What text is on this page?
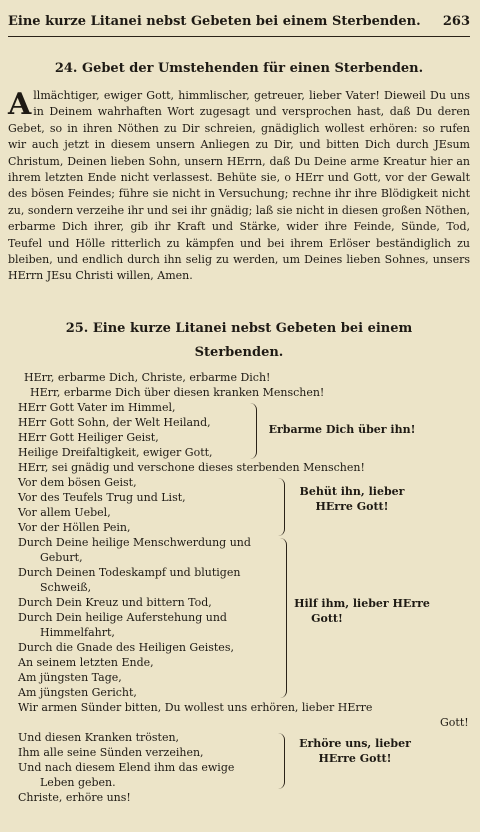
Eine kurze Litanei nebst Gebeten bei einem Sterbenden. 263
24. Gebet der Umstehenden für einen Sterbenden.
Allmächtiger, ewiger Gott, himmlischer, getreuer, lieber Vater! Dieweil Du uns in Deinem wahrhaften Wort zugesagt und versprochen hast, daß Du deren Gebet, so in ihren Nöthen zu Dir schreien, gnädiglich wollest erhören: so rufen wir auch jetzt in diesem unsern Anliegen zu Dir, und bitten Dich durch JEsum Christum, Deinen lieben Sohn, unsern HErrn, daß Du Deine arme Kreatur hier an ihrem letzten Ende nicht verlassest. Behüte sie, o HErr und Gott, vor der Gewalt des bösen Feindes; führe sie nicht in Versuchung; rechne ihr ihre Blödigkeit nicht zu, sondern verzeihe ihr und sei ihr gnädig; laß sie nicht in diesen großen Nöthen, erbarme Dich ihrer, gib ihr Kraft und Stärke, wider ihre Feinde, Sünde, Tod, Teufel und Hölle ritterlich zu kämpfen und bei ihrem Erlöser beständiglich zu bleiben, und endlich durch ihn selig zu werden, um Deines lieben Sohnes, unsers HErrn JEsu Christi willen, Amen.
25. Eine kurze Litanei nebst Gebeten bei einem
Sterbenden.
HErr, erbarme Dich, Christe, erbarme Dich!
HErr, erbarme Dich über diesen kranken Menschen!
HErr Gott Vater im Himmel,
HErr Gott Sohn, der Welt Heiland,
HErr Gott Heiliger Geist,
Heilige Dreifaltigkeit, ewiger Gott,
HErr, sei gnädig und verschone dieses sterbenden Menschen!
Vor dem bösen Geist,
Vor des Teufels Trug und List,
Vor allem Uebel,
Vor der Höllen Pein,
Durch Deine heilige Menschwerdung und
Geburt,
Durch Deinen Todeskampf und blutigen
Schweiß,
Durch Dein Kreuz und bittern Tod,
Durch Dein heilige Auferstehung und
Himmelfahrt,
Durch die Gnade des Heiligen Geistes,
An seinem letzten Ende,
Am jüngsten Tage,
Am jüngsten Gericht,
Wir armen Sünder bitten, Du wollest uns erhören, lieber HErre
Gott!
Und diesen Kranken trösten,
Ihm alle seine Sünden verzeihen,
Und nach diesem Elend ihm das ewige
Leben geben.
Christe, erhöre uns!
Erbarme Dich über ihn!
Behüt ihn, lieber
HErre Gott!
Hilf ihm, lieber HErre
Gott!
Erhöre uns, lieber
HErre Gott!
